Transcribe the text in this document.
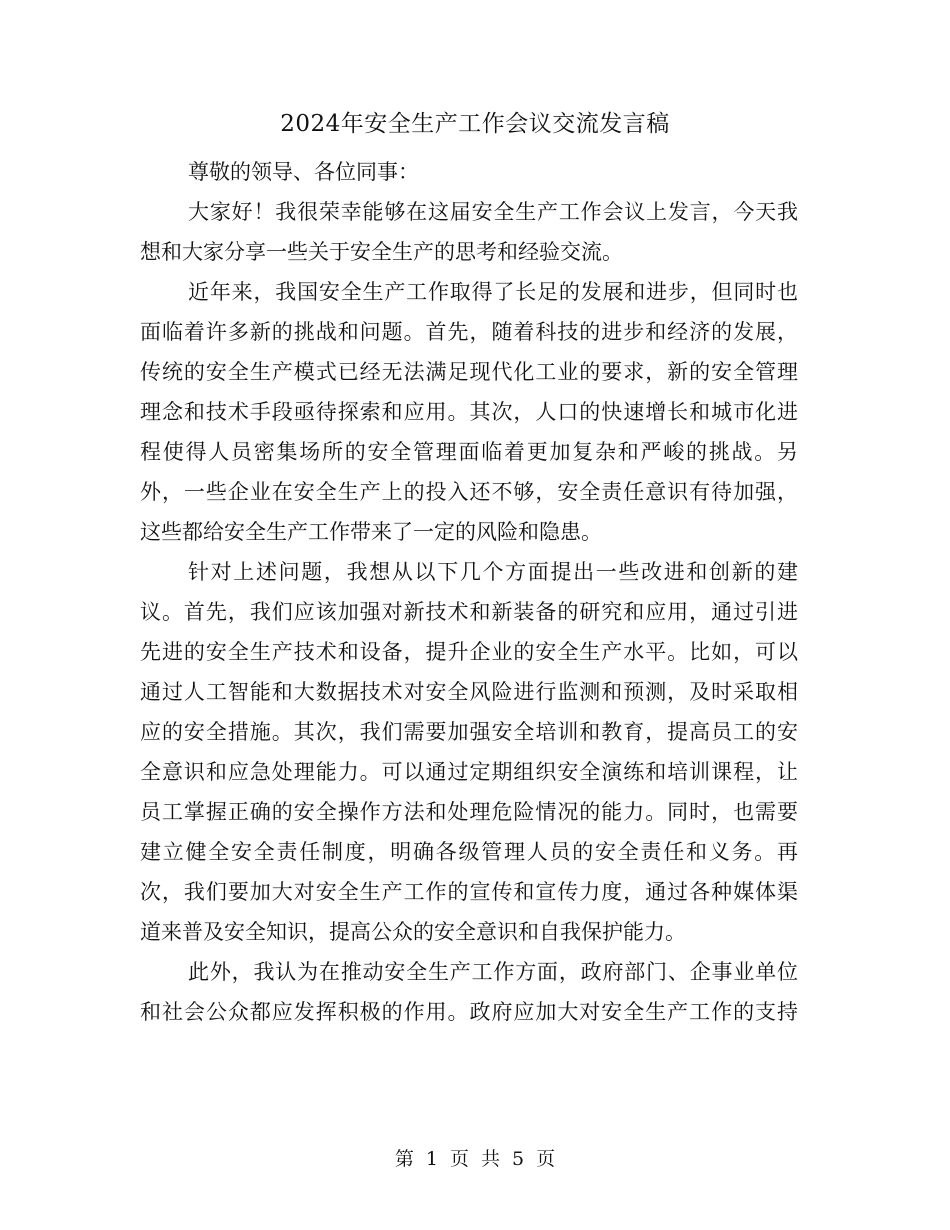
2024年安全生产工作会议交流发言稿
尊敬的领导、各位同事：
大家好！我很荣幸能够在这届安全生产工作会议上发言，今天我
想和大家分享一些关于安全生产的思考和经验交流。
近年来，我国安全生产工作取得了长足的发展和进步，但同时也
面临着许多新的挑战和问题。首先，随着科技的进步和经济的发展，
传统的安全生产模式已经无法满足现代化工业的要求，新的安全管理
理念和技术手段亟待探索和应用。其次，人口的快速增长和城市化进
程使得人员密集场所的安全管理面临着更加复杂和严峻的挑战。另
外，一些企业在安全生产上的投入还不够，安全责任意识有待加强，
这些都给安全生产工作带来了一定的风险和隐患。
针对上述问题，我想从以下几个方面提出一些改进和创新的建
议。首先，我们应该加强对新技术和新装备的研究和应用，通过引进
先进的安全生产技术和设备，提升企业的安全生产水平。比如，可以
通过人工智能和大数据技术对安全风险进行监测和预测，及时采取相
应的安全措施。其次，我们需要加强安全培训和教育，提高员工的安
全意识和应急处理能力。可以通过定期组织安全演练和培训课程，让
员工掌握正确的安全操作方法和处理危险情况的能力。同时，也需要
建立健全安全责任制度，明确各级管理人员的安全责任和义务。再
次，我们要加大对安全生产工作的宣传和宣传力度，通过各种媒体渠
道来普及安全知识，提高公众的安全意识和自我保护能力。
此外，我认为在推动安全生产工作方面，政府部门、企事业单位
和社会公众都应发挥积极的作用。政府应加大对安全生产工作的支持
第 1 页 共 5 页
